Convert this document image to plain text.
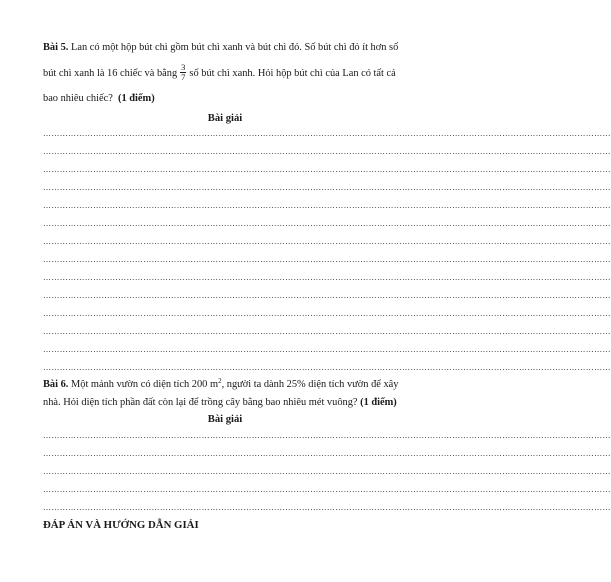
Bài 5. Lan có một hộp bút chì gồm bút chì xanh và bút chì đỏ. Số bút chì đỏ ít hơn số
bút chì xanh là 16 chiếc và bằng $\frac{3}{7}$ số bút chì xanh. Hỏi hộp bút chì của Lan có tất cả
bao nhiêu chiếc? (1 điểm)
Bài giải
……………………………………………………………………………………………………………………………………………………………………………………
……………………………………………………………………………………………………………………………………………………………………………………
……………………………………………………………………………………………………………………………………………………………………………………
……………………………………………………………………………………………………………………………………………………………………………………
……………………………………………………………………………………………………………………………………………………………………………………
……………………………………………………………………………………………………………………………………………………………………………………
……………………………………………………………………………………………………………………………………………………………………………………
……………………………………………………………………………………………………………………………………………………………………………………
……………………………………………………………………………………………………………………………………………………………………………………
……………………………………………………………………………………………………………………………………………………………………………………
……………………………………………………………………………………………………………………………………………………………………………………
……………………………………………………………………………………………………………………………………………………………………………………
……………………………………………………………………………………………………………………………………………………………………………………
……………………………………………………………………………………………………………………………………………………………………………………
Bài 6. Một mảnh vườn có diện tích 200 $m^2$, người ta dành 25% diện tích vườn để xây
nhà. Hỏi diện tích phần đất còn lại để trồng cây bằng bao nhiêu mét vuông? (1 điểm)
Bài giải
……………………………………………………………………………………………………………………………………………………………………………………
……………………………………………………………………………………………………………………………………………………………………………………
……………………………………………………………………………………………………………………………………………………………………………………
……………………………………………………………………………………………………………………………………………………………………………………
……………………………………………………………………………………………………………………………………………………………………………………
ĐÁP ÁN VÀ HƯỚNG DẪN GIẢI
